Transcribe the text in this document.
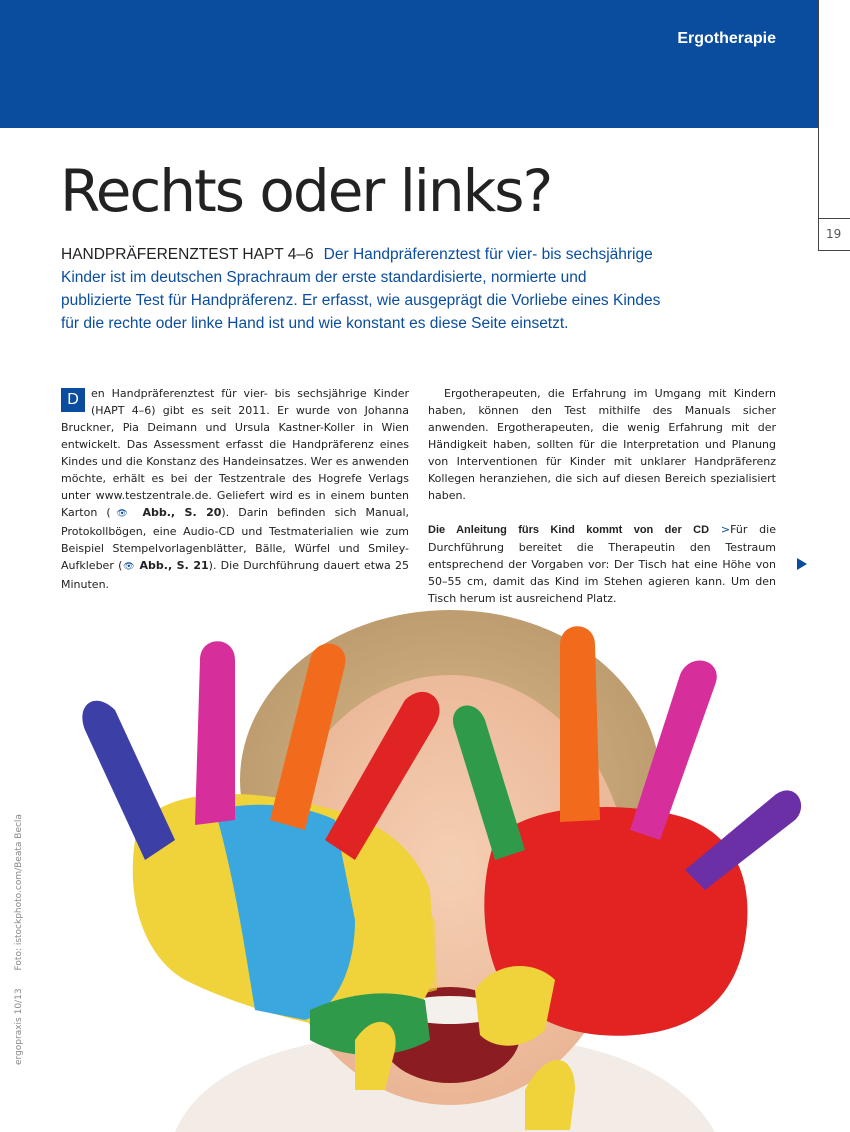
Ergotherapie
19
Rechts oder links?
HANDPRÄFERENZTEST HAPT 4–6 Der Handpräferenztest für vier- bis sechsjährige Kinder ist im deutschen Sprachraum der erste standardisierte, normierte und publizierte Test für Handpräferenz. Er erfasst, wie ausgeprägt die Vorliebe eines Kindes für die rechte oder linke Hand ist und wie konstant es diese Seite einsetzt.
D	en Handpräferenztest für vier- bis sechsjährige Kinder (HAPT 4–6) gibt es seit 2011. Er wurde von Johanna Bruckner, Pia Deimann und Ursula Kastner-Koller in Wien entwickelt. Das Assessment erfasst die Handpräferenz eines Kindes und die Konstanz des Handeinsatzes. Wer es anwenden möchte, erhält es bei der Testzentrale des Hogrefe Verlags unter www.testzentrale.de. Geliefert wird es in einem bunten Karton (👁 Abb., S. 20). Darin befinden sich Manual, Protokollbögen, eine Audio-CD und Testmaterialien wie zum Beispiel Stempelvorlagenblätter, Bälle, Würfel und Smiley-Aufkleber (👁 Abb., S. 21). Die Durchführung dauert etwa 25 Minuten.

Ergotherapeuten, die Erfahrung im Umgang mit Kindern haben, können den Test mithilfe des Manuals sicher anwenden. Ergotherapeuten, die wenig Erfahrung mit der Händigkeit haben, sollten für die Interpretation und Planung von Interventionen für Kinder mit unklarer Handpräferenz Kollegen heranziehen, die sich auf diesen Bereich spezialisiert haben.

Die Anleitung fürs Kind kommt von der CD >Für die Durchführung bereitet die Therapeutin den Testraum entsprechend der Vorgaben vor: Der Tisch hat eine Höhe von 50–55 cm, damit das Kind im Stehen agieren kann. Um den Tisch herum ist ausreichend Platz.

ergopraxis 10/13Foto: istockphoto.com/Beata Becla
